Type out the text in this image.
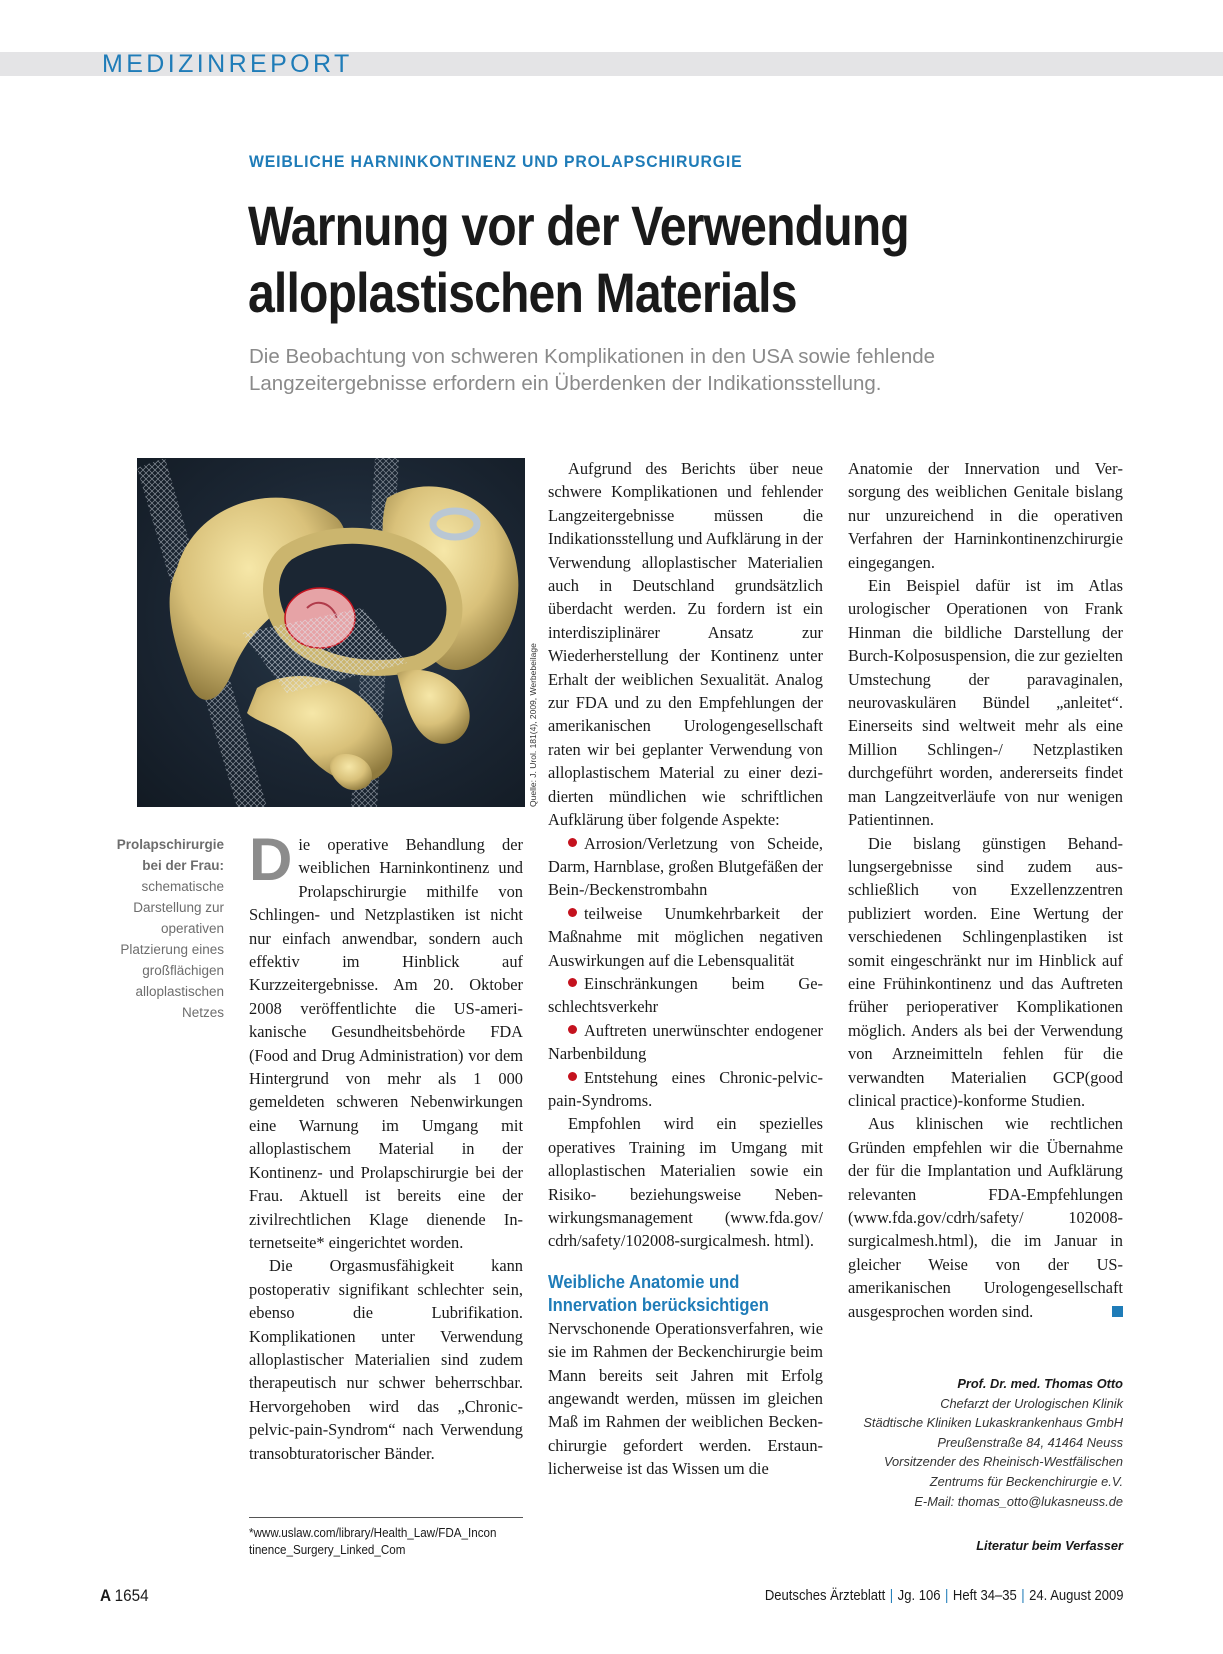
MEDIZINREPORT
WEIBLICHE HARNINKONTINENZ UND PROLAPSCHIRURGIE
Warnung vor der Verwendung
alloplastischen Materials

Die Beobachtung von schweren Komplikationen in den USA sowie fehlende
Langzeitergebnisse erfordern ein Überdenken der Indikationsstellung.

Quelle: J. Urol. 181(4), 2009, Werbebeilage
Prolapschirurgie bei der Frau:
schematische Darstellung zur operativen Platzierung eines großflächigen alloplastischen Netzes

Die operative Behandlung der weiblichen Harninkontinenz und Prolapschirurgie mithilfe von Schlingen- und Netzplastiken ist nicht nur einfach anwendbar, sondern auch effektiv im Hinblick auf Kurzzeitergebnisse. Am 20. Oktober 2008 veröffentlichte die US-amerikanische Gesundheitsbehörde FDA (Food and Drug Administration) vor dem Hintergrund von mehr als 1 000 gemeldeten schweren Nebenwirkungen eine Warnung im Umgang mit alloplastischem Material in der Kontinenz- und Prolapschirurgie bei der Frau. Aktuell ist bereits eine der zivilrechtlichen Klage dienende Internetseite* eingerichtet worden.

Die Orgasmusfähigkeit kann postoperativ signifikant schlechter sein, ebenso die Lubrifikation. Komplikationen unter Verwendung alloplastischer Materialien sind zudem therapeutisch nur schwer beherrschbar. Hervorgehoben wird das „Chronic-pelvic-pain-Syndrom“ nach Verwendung transobturatorischer Bänder.

*www.uslaw.com/library/Health_Law/FDA_Incon
tinence_Surgery_Linked_Com

Aufgrund des Berichts über neue schwere Komplikationen und fehlender Langzeitergebnisse müssen die Indikationsstellung und Aufklärung in der Verwendung alloplastischer Materialien auch in Deutschland grundsätzlich überdacht werden. Zu fordern ist ein interdisziplinärer Ansatz zur Wiederherstellung der Kontinenz unter Erhalt der weiblichen Sexualität. Analog zur FDA und zu den Empfehlungen der amerikanischen Urologengesellschaft raten wir bei geplanter Verwendung von alloplastischem Material zu einer dezidierten mündlichen wie schriftlichen Aufklärung über folgende Aspekte:

Arrosion/Verletzung von Scheide, Darm, Harnblase, großen Blutgefäßen der Bein-/Beckenstrombahn
teilweise Unumkehrbarkeit der Maßnahme mit möglichen negativen Auswirkungen auf die Lebensqualität
Einschränkungen beim Geschlechtsverkehr
Auftreten unerwünschter endogener Narbenbildung
Entstehung eines Chronic-pelvic-pain-Syndroms.

Empfohlen wird ein spezielles operatives Training im Umgang mit alloplastischen Materialien sowie ein Risiko- beziehungsweise Nebenwirkungsmanagement (www.fda.gov/ cdrh/safety/102008-surgicalmesh. html).

Weibliche Anatomie und
Innervation berücksichtigen

Nervschonende Operationsverfahren, wie sie im Rahmen der Beckenchirurgie beim Mann bereits seit Jahren mit Erfolg angewandt werden, müssen im gleichen Maß im Rahmen der weiblichen Beckenchirurgie gefordert werden. Erstaunlicherweise ist das Wissen um die

Anatomie der Innervation und Versorgung des weiblichen Genitale bislang nur unzureichend in die operativen Verfahren der Harninkontinenzchirurgie eingegangen.

Ein Beispiel dafür ist im Atlas urologischer Operationen von Frank Hinman die bildliche Darstellung der Burch-Kolposuspension, die zur gezielten Umstechung der paravaginalen, neurovaskulären Bündel „anleitet“. Einerseits sind weltweit mehr als eine Million Schlingen-/ Netzplastiken durchgeführt worden, andererseits findet man Langzeitverläufe von nur wenigen Patientinnen.

Die bislang günstigen Behandlungsergebnisse sind zudem ausschließlich von Exzellenzzentren publiziert worden. Eine Wertung der verschiedenen Schlingenplastiken ist somit eingeschränkt nur im Hinblick auf eine Frühinkontinenz und das Auftreten früher perioperativer Komplikationen möglich. Anders als bei der Verwendung von Arzneimitteln fehlen für die verwandten Materialien GCP(good clinical practice)-konforme Studien.

Aus klinischen wie rechtlichen Gründen empfehlen wir die Übernahme der für die Implantation und Aufklärung relevanten FDA-Empfehlungen (www.fda.gov/cdrh/safety/ 102008-surgicalmesh.html), die im Januar in gleicher Weise von der US-amerikanischen Urologengesellschaft ausgesprochen worden sind.

Prof. Dr. med. Thomas Otto
Chefarzt der Urologischen Klinik
Städtische Kliniken Lukaskrankenhaus GmbH
Preußenstraße 84, 41464 Neuss
Vorsitzender des Rheinisch-Westfälischen
Zentrums für Beckenchirurgie e.V.
E-Mail: thomas_otto@lukasneuss.de
Literatur beim Verfasser
A 1654	Deutsches Ärzteblatt | Jg. 106 | Heft 34–35 | 24. August 2009
